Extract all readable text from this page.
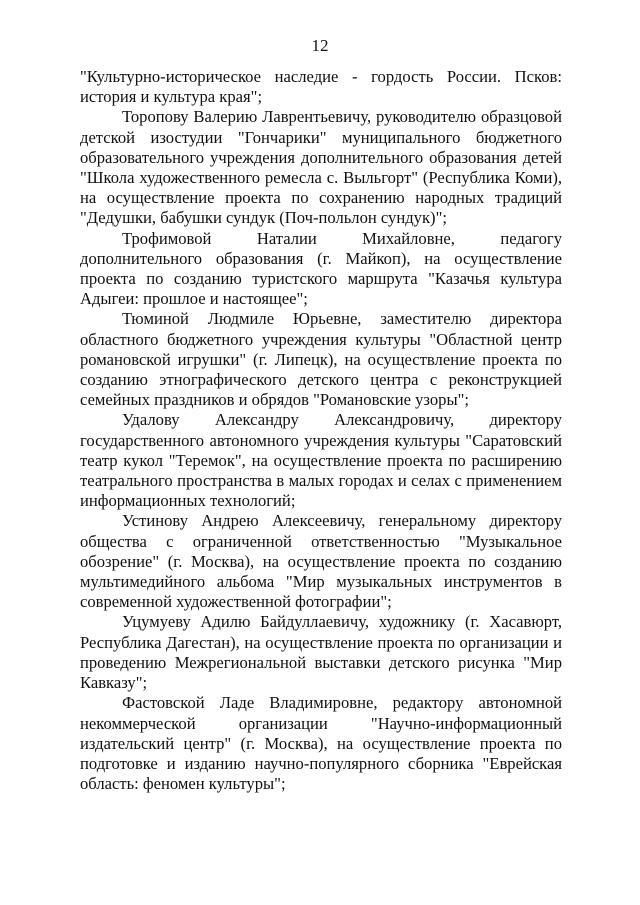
12

"Культурно-историческое наследие - гордость России. Псков: история и культура края";

Торопову Валерию Лаврентьевичу, руководителю образцовой детской изостудии "Гончарики" муниципального бюджетного образовательного учреждения дополнительного образования детей "Школа художественного ремесла с. Выльгорт" (Республика Коми), на осуществление проекта по сохранению народных традиций "Дедушки, бабушки сундук (Поч-польлон сундук)";

Трофимовой Наталии Михайловне, педагогу дополнительного образования (г. Майкоп), на осуществление проекта по созданию туристского маршрута "Казачья культура Адыгеи: прошлое и настоящее";

Тюминой Людмиле Юрьевне, заместителю директора областного бюджетного учреждения культуры "Областной центр романовской игрушки" (г. Липецк), на осуществление проекта по созданию этнографического детского центра с реконструкцией семейных праздников и обрядов "Романовские узоры";

Удалову Александру Александровичу, директору государственного автономного учреждения культуры "Саратовский театр кукол "Теремок", на осуществление проекта по расширению театрального пространства в малых городах и селах с применением информационных технологий;

Устинову Андрею Алексеевичу, генеральному директору общества с ограниченной ответственностью "Музыкальное обозрение" (г. Москва), на осуществление проекта по созданию мультимедийного альбома "Мир музыкальных инструментов в современной художественной фотографии";

Уцумуеву Адилю Байдуллаевичу, художнику (г. Хасавюрт, Республика Дагестан), на осуществление проекта по организации и проведению Межрегиональной выставки детского рисунка "Мир Кавказу";

Фастовской Ладе Владимировне, редактору автономной некоммерческой организации "Научно-информационный издательский центр" (г. Москва), на осуществление проекта по подготовке и изданию научно-популярного сборника "Еврейская область: феномен культуры";
